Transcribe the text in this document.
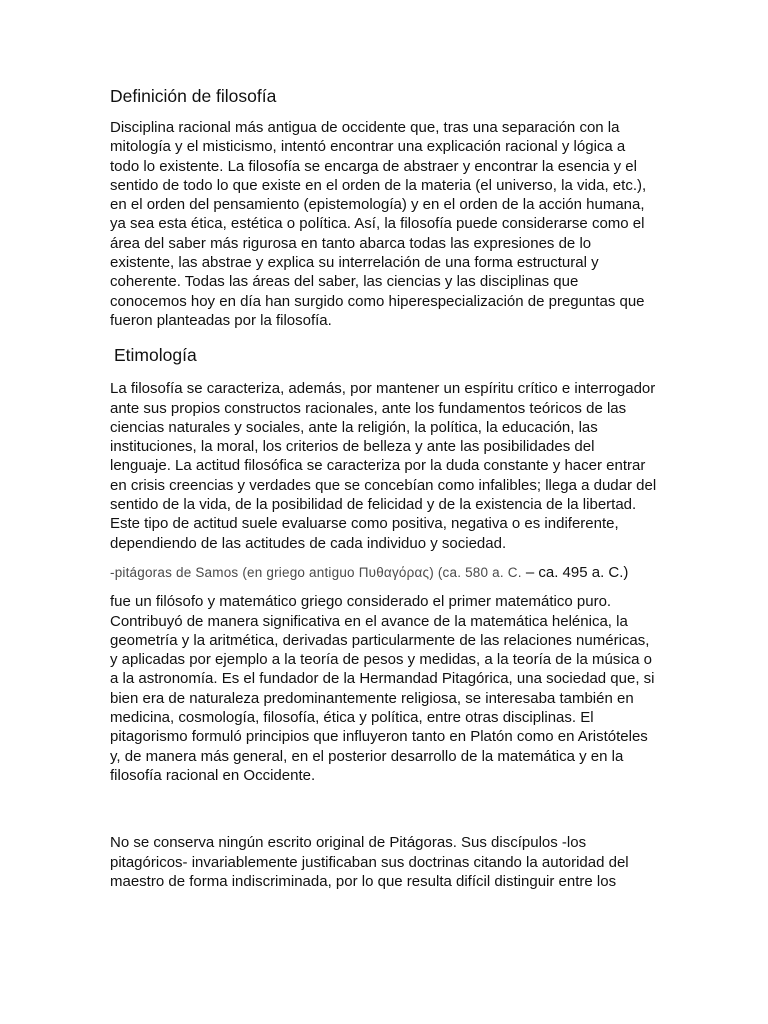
Definición de filosofía

Disciplina racional más antigua de occidente que, tras una separación con la mitología y el misticismo, intentó encontrar una explicación racional y lógica a todo lo existente. La filosofía se encarga de abstraer y encontrar la esencia y el sentido de todo lo que existe en el orden de la materia (el universo, la vida, etc.), en el orden del pensamiento (epistemología) y en el orden de la acción humana, ya sea esta ética, estética o política. Así, la filosofía puede considerarse como el área del saber más rigurosa en tanto abarca todas las expresiones de lo existente, las abstrae y explica su interrelación de una forma estructural y coherente. Todas las áreas del saber, las ciencias y las disciplinas que conocemos hoy en día han surgido como hiperespecialización de preguntas que fueron planteadas por la filosofía.

Etimología

La filosofía se caracteriza, además, por mantener un espíritu crítico e interrogador ante sus propios constructos racionales, ante los fundamentos teóricos de las ciencias naturales y sociales, ante la religión, la política, la educación, las instituciones, la moral, los criterios de belleza y ante las posibilidades del lenguaje. La actitud filosófica se caracteriza por la duda constante y hacer entrar en crisis creencias y verdades que se concebían como infalibles; llega a dudar del sentido de la vida, de la posibilidad de felicidad y de la existencia de la libertad. Este tipo de actitud suele evaluarse como positiva, negativa o es indiferente, dependiendo de las actitudes de cada individuo y sociedad.

-pitágoras de Samos (en griego antiguo Πυθαγόρας) (ca. 580 a. C. – ca. 495 a. C.)

fue un filósofo y matemático griego considerado el primer matemático puro. Contribuyó de manera significativa en el avance de la matemática helénica, la geometría y la aritmética, derivadas particularmente de las relaciones numéricas, y aplicadas por ejemplo a la teoría de pesos y medidas, a la teoría de la música o a la astronomía. Es el fundador de la Hermandad Pitagórica, una sociedad que, si bien era de naturaleza predominantemente religiosa, se interesaba también en medicina, cosmología, filosofía, ética y política, entre otras disciplinas. El pitagorismo formuló principios que influyeron tanto en Platón como en Aristóteles y, de manera más general, en el posterior desarrollo de la matemática y en la filosofía racional en Occidente.

No se conserva ningún escrito original de Pitágoras. Sus discípulos -los pitagóricos- invariablemente justificaban sus doctrinas citando la autoridad del maestro de forma indiscriminada, por lo que resulta difícil distinguir entre los
